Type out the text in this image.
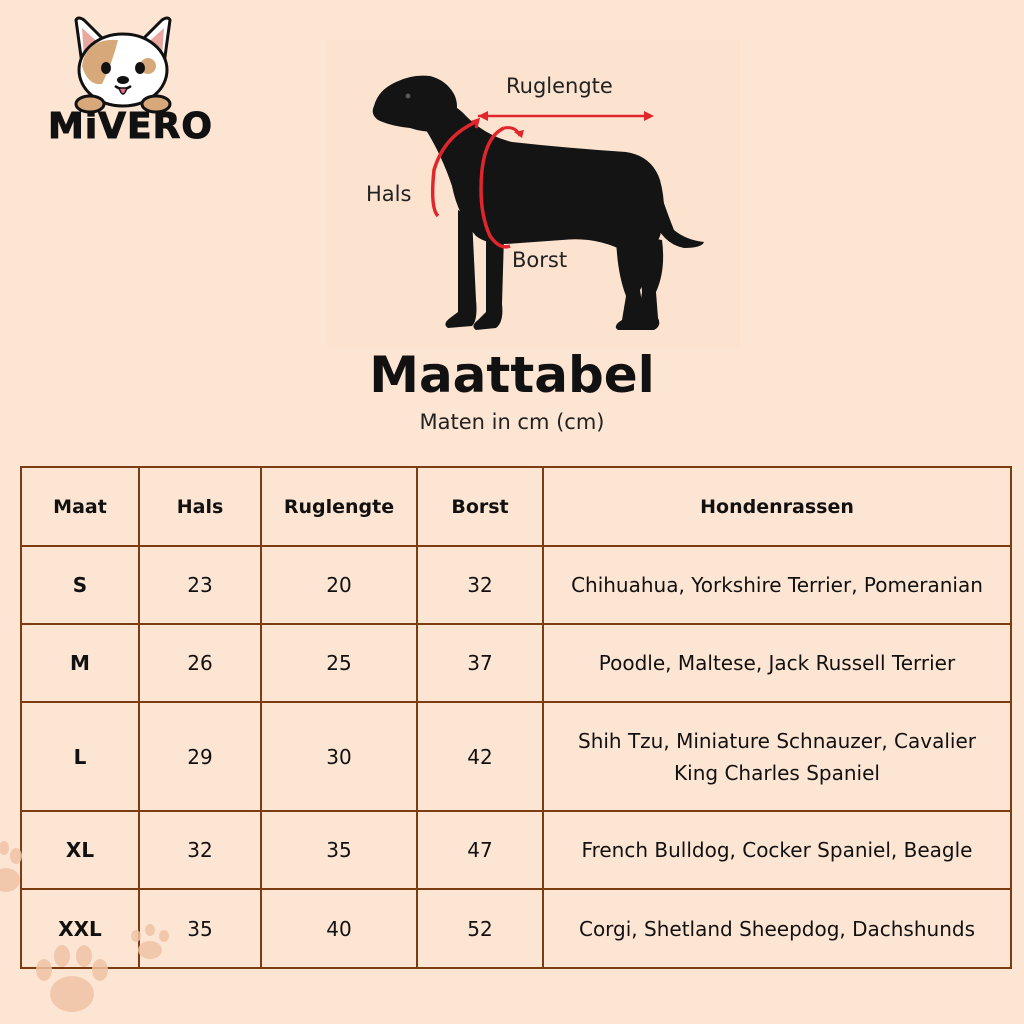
MiVERO
Ruglengte
Hals
Borst
Maattabel
Maten in cm (cm)
Maat	Hals	Ruglengte	Borst	Hondenrassen
S	23	20	32	Chihuahua, Yorkshire Terrier, Pomeranian
M	26	25	37	Poodle, Maltese, Jack Russell Terrier
L	29	30	42	Shih Tzu, Miniature Schnauzer, Cavalier King Charles Spaniel
XL	32	35	47	French Bulldog, Cocker Spaniel, Beagle
XXL	35	40	52	Corgi, Shetland Sheepdog, Dachshunds
